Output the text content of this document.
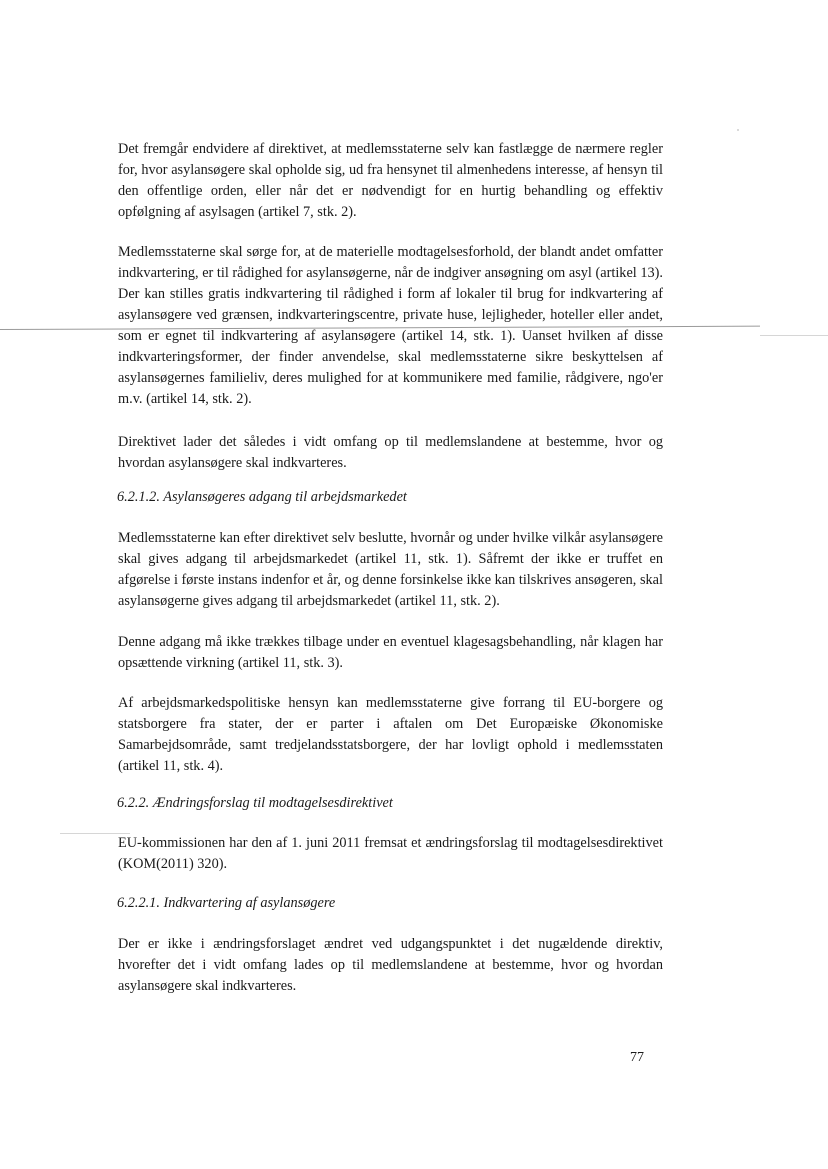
Det fremgår endvidere af direktivet, at medlemsstaterne selv kan fastlægge de nærmere regler for, hvor asylansøgere skal opholde sig, ud fra hensynet til almenhedens interesse, af hensyn til den offentlige orden, eller når det er nødvendigt for en hurtig behandling og effektiv opfølgning af asylsagen (artikel 7, stk. 2).

Medlemsstaterne skal sørge for, at de materielle modtagelsesforhold, der blandt andet omfatter indkvartering, er til rådighed for asylansøgerne, når de indgiver ansøgning om asyl (artikel 13). Der kan stilles gratis indkvartering til rådighed i form af lokaler til brug for indkvartering af asylansøgere ved grænsen, indkvarteringscentre, private huse, lejligheder, hoteller eller andet, som er egnet til indkvartering af asylansøgere (artikel 14, stk. 1). Uanset hvilken af disse indkvarteringsformer, der finder anvendelse, skal medlemsstaterne sikre beskyttelsen af asylansøgernes familieliv, deres mulighed for at kommunikere med familie, rådgivere, ngo'er m.v. (artikel 14, stk. 2).

Direktivet lader det således i vidt omfang op til medlemslandene at bestemme, hvor og hvordan asylansøgere skal indkvarteres.

6.2.1.2. Asylansøgeres adgang til arbejdsmarkedet

Medlemsstaterne kan efter direktivet selv beslutte, hvornår og under hvilke vilkår asylansøgere skal gives adgang til arbejdsmarkedet (artikel 11, stk. 1). Såfremt der ikke er truffet en afgørelse i første instans indenfor et år, og denne forsinkelse ikke kan tilskrives ansøgeren, skal asylansøgerne gives adgang til arbejdsmarkedet (artikel 11, stk. 2).

Denne adgang må ikke trækkes tilbage under en eventuel klagesagsbehandling, når klagen har opsættende virkning (artikel 11, stk. 3).

Af arbejdsmarkedspolitiske hensyn kan medlemsstaterne give forrang til EU-borgere og statsborgere fra stater, der er parter i aftalen om Det Europæiske Økonomiske Samarbejdsområde, samt tredjelandsstatsborgere, der har lovligt ophold i medlemsstaten (artikel 11, stk. 4).

6.2.2. Ændringsforslag til modtagelsesdirektivet

EU-kommissionen har den af 1. juni 2011 fremsat et ændringsforslag til modtagelsesdirektivet (KOM(2011) 320).

6.2.2.1. Indkvartering af asylansøgere

Der er ikke i ændringsforslaget ændret ved udgangspunktet i det nugældende direktiv, hvorefter det i vidt omfang lades op til medlemslandene at bestemme, hvor og hvordan asylansøgere skal indkvarteres.

77
